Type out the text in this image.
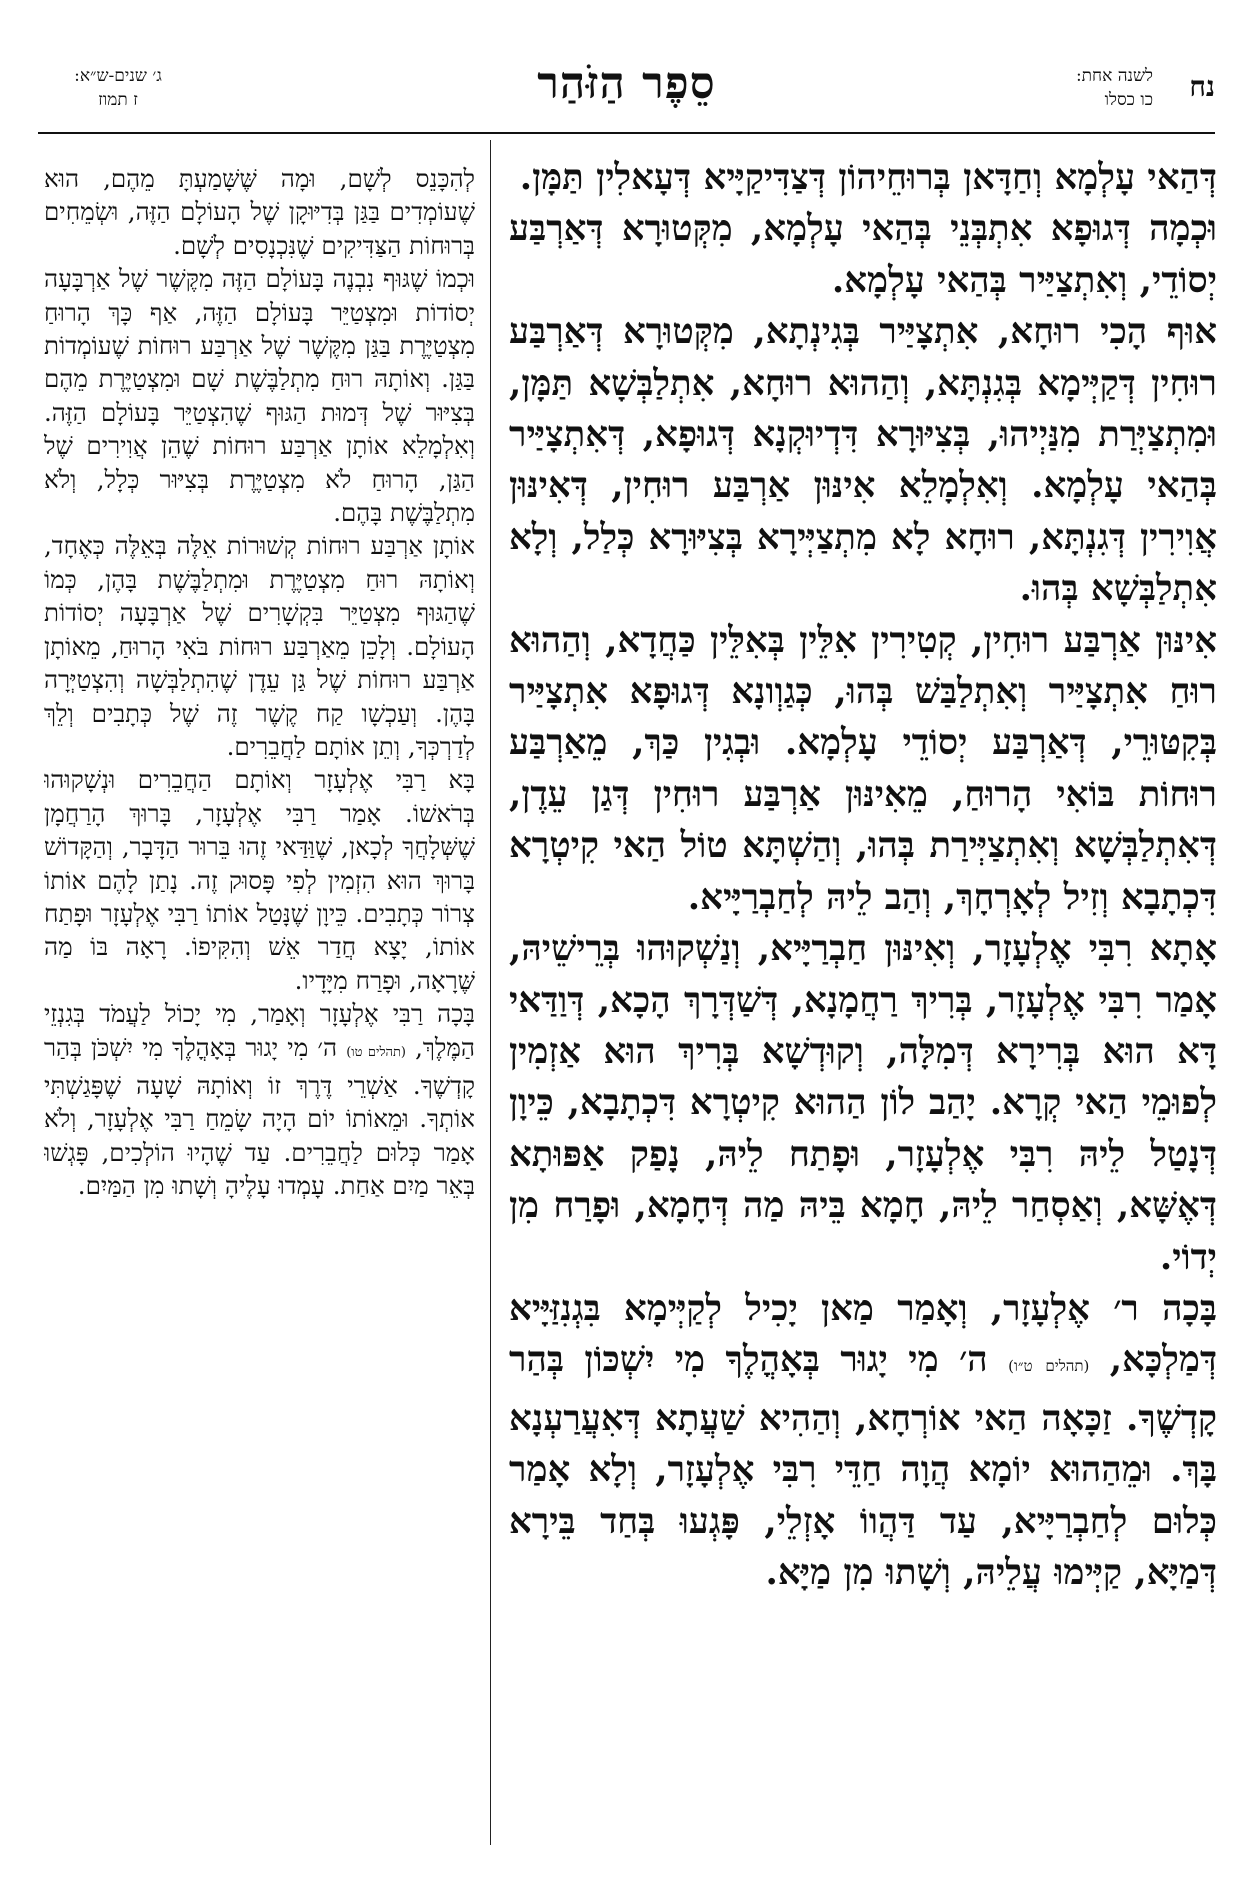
נח
לשנה אחת:
כו כסלו
סֵפֶר הַזֹּהַר
ג׳ שנים-ש״א:
ז תמוז

דְּהַאי עָלְמָא וְחַדָּאן בְּרוּחֵיהוֹן דְּצַדִּיקַיָּיא דְּעָאלִין תַּמָּן.

וּכְמָה דְּגוּפָא אִתְבְּנֵי בְּהַאי עָלְמָא, מִקְּטוּרָא דְּאַרְבַּע יְסוֹדֵי, וְאִתְצַיַּיר בְּהַאי עָלְמָא.

אוּף הָכִי רוּחָא, אִתְצָיַּיר בְּגִינְתָא, מִקְּטוּרָא דְּאַרְבַּע רוּחִין דְּקַיְּימָא בְּגִנְתָּא, וְהַהוּא רוּחָא, אִתְלַבְּשָׁא תַּמָּן, וּמִתְצַיְּרַת מִנַּיְיהוּ, בְּצִיּוּרָא דִּדְיוּקְנָא דְּגוּפָא, דְּאִתְצָיַּיר בְּהַאי עָלְמָא. וְאִלְמָלֵא אִינּוּן אַרְבַּע רוּחִין, דְּאִינּוּן אֲוִירִין דְּגִנְתָּא, רוּחָא לָא מִתְצַיְּירָא בְּצִיּוּרָא כְּלַל, וְלָא אִתְלַבְּשָׁא בְּהוּ.

אִינּוּן אַרְבַּע רוּחִין, קְטִירִין אִלֵּין בְּאִלֵּין כַּחֲדָא, וְהַהוּא רוּחַ אִתְצָיַּיר וְאִתְלַבַּשׁ בְּהוּ, כְּגַוְונָא דְּגוּפָא אִתְצָיַּיר בְּקִטּוּרֵי, דְּאַרְבַּע יְסוֹדֵי עָלְמָא. וּבְגִין כַּךְ, מֵאַרְבַּע רוּחוֹת בּוֹאִי הָרוּחַ, מֵאִינּוּן אַרְבַּע רוּחִין דְּגַן עֵדֶן, דְּאִתְלַבְּשָׁא וְאִתְצַיְּירַת בְּהוּ, וְהַשְׁתָּא טוֹל הַאי קִיטְרָא דִּכְתָבָא וְזִיל לְאָרְחָךְ, וְהַב לֵיהּ לְחַבְרַיָּיא.

אָתָא רִבִּי אֶלְעָזָר, וְאִינּוּן חַבְרַיָּיא, וְנַשְׁקוּהוּ בְּרֵישֵׁיהּ, אָמַר רִבִּי אֶלְעָזָר, בְּרִיךְ רַחֲמָנָא, דְּשַׁדְּרָךְ הָכָא, דְּוַדַּאי דָּא הוּא בְּרִירָא דְּמִלָּה, וְקוּדְשָׁא בְּרִיךְ הוּא אַזְמִין לְפוּמֵי הַאי קְרָא. יָהַב לוֹן הַהוּא קִיטְרָא דִּכְתָבָא, כֵּיוָן דְּנָטַל לֵיהּ רִבִּי אֶלְעָזָר, וּפָתַח לֵיהּ, נָפַק אַפּוּתָא דְּאֶשָּׁא, וְאַסְחַר לֵיהּ, חָמָא בֵּיהּ מַה דְּחָמָא, וּפָרַח מִן יְדוֹי.

בָּכָה ר׳ אֶלְעָזָר, וְאָמַר מַאן יָכִיל לְקַיְּימָא בִּגְנִזַּיָּיא דְּמַלְכָּא, (תהלים ט״ו) ה׳ מִי יָגוּר בְּאָהֳלֶךָ מִי יִשְׁכּוֹן בְּהַר קָדְשֶׁךָ. זַכָּאָה הַאי אוֹרְחָא, וְהַהִיא שַׁעֲתָא דְּאִעֲרַעְנָא בָּךְ. וּמֵהַהוּא יוֹמָא הֲוָה חַדֵּי רִבִּי אֶלְעָזָר, וְלָא אָמַר כְּלוּם לְחַבְרַיָּיא, עַד דַּהֲווֹ אָזְלֵי, פָּגְעוּ בְּחַד בֵּירָא דְּמַיָּא, קַיְּימוּ עֲלֵיהּ, וְשָׁתוּ מִן מַיָּא.

לְהִכָּנֵס לְשָׁם, וּמָה שֶּׁשָּׁמַעְתָּ מֵהֶם, הוּא שֶׁעוֹמְדִים בַּגַּן בְּדִיּוּקָן שֶׁל הָעוֹלָם הַזֶּה, וּשְׂמֵחִים בְּרוּחוֹת הַצַּדִּיקִים שֶׁנִּכְנָסִים לְשָׁם.

וּכְמוֹ שֶׁגּוּף נִבְנֶה בָּעוֹלָם הַזֶּה מִקֶּשֶׁר שֶׁל אַרְבָּעָה יְסוֹדוֹת וּמִצְטַיֵּר בָּעוֹלָם הַזֶּה, אַף כָּךְ הָרוּחַ מִצְטַיֶּרֶת בַּגַּן מִקֶּשֶׁר שֶׁל אַרְבַּע רוּחוֹת שֶׁעוֹמְדוֹת בַּגַּן. וְאוֹתָהּ רוּחַ מִתְלַבֶּשֶׁת שָׁם וּמִצְטַיֶּרֶת מֵהֶם בְּצִיּוּר שֶׁל דְּמוּת הַגּוּף שֶׁהִצְטַיֵּר בָּעוֹלָם הַזֶּה. וְאִלְמָלֵא אוֹתָן אַרְבַּע רוּחוֹת שֶׁהֵן אֲוִירִים שֶׁל הַגַּן, הָרוּחַ לֹא מִצְטַיֶּרֶת בְּצִיּוּר כְּלָל, וְלֹא מִתְלַבֶּשֶׁת בָּהֶם.

אוֹתָן אַרְבַּע רוּחוֹת קְשׁוּרוֹת אֵלֶּה בְּאֵלֶּה כְּאֶחָד, וְאוֹתָהּ רוּחַ מִצְטַיֶּרֶת וּמִתְלַבֶּשֶׁת בָּהֶן, כְּמוֹ שֶׁהַגּוּף מִצְטַיֵּר בִּקְשָׁרִים שֶׁל אַרְבָּעָה יְסוֹדוֹת הָעוֹלָם. וְלָכֵן מֵאַרְבַּע רוּחוֹת בֹּאִי הָרוּחַ, מֵאוֹתָן אַרְבַּע רוּחוֹת שֶׁל גַּן עֵדֶן שֶׁהִתְלַבְּשָׁה וְהִצְטַיְּרָה בָּהֶן. וְעַכְשָׁו קַח קֶשֶׁר זֶה שֶׁל כְּתָבִים וְלֵךְ לְדַרְכְּךָ, וְתֵן אוֹתָם לַחֲבֵרִים.

בָּא רַבִּי אֶלְעָזָר וְאוֹתָם הַחֲבֵרִים וּנְשָׁקוּהוּ בְּרֹאשׁוֹ. אָמַר רַבִּי אֶלְעָזָר, בָּרוּךְ הָרַחֲמָן שֶׁשְּׁלָחֲךָ לְכָאן, שֶׁוַּדַּאי זֶהוּ בֵּרוּר הַדָּבָר, וְהַקָּדוֹשׁ בָּרוּךְ הוּא הִזְמִין לְפִי פָּסוּק זֶה. נָתַן לָהֶם אוֹתוֹ צְרוֹר כְּתָבִים. כֵּיוָן שֶׁנָּטַל אוֹתוֹ רַבִּי אֶלְעָזָר וּפָתַח אוֹתוֹ, יָצָא חֲדַר אֵשׁ וְהִקִּיפוֹ. רָאָה בּוֹ מַה שֶּׁרָאָה, וּפָרַח מִיָּדָיו.

בָּכָה רַבִּי אֶלְעָזָר וְאָמַר, מִי יָכוֹל לַעֲמֹד בְּגִנְזֵי הַמֶּלֶךְ, (תהלים טו) ה׳ מִי יָגוּר בְּאָהֳלֶךָ מִי יִשְׁכֹּן בְּהַר קָדְשֶׁךָ. אַשְׁרֵי דֶּרֶךְ זוֹ וְאוֹתָהּ שָׁעָה שֶׁפָּגַשְׁתִּי אוֹתְךָ. וּמֵאוֹתוֹ יוֹם הָיָה שָׂמֵחַ רַבִּי אֶלְעָזָר, וְלֹא אָמַר כְּלוּם לַחֲבֵרִים. עַד שֶׁהָיוּ הוֹלְכִים, פָּגְשׁוּ בְּאֵר מַיִם אַחַת. עָמְדוּ עָלֶיהָ וְשָׁתוּ מִן הַמַּיִם.
